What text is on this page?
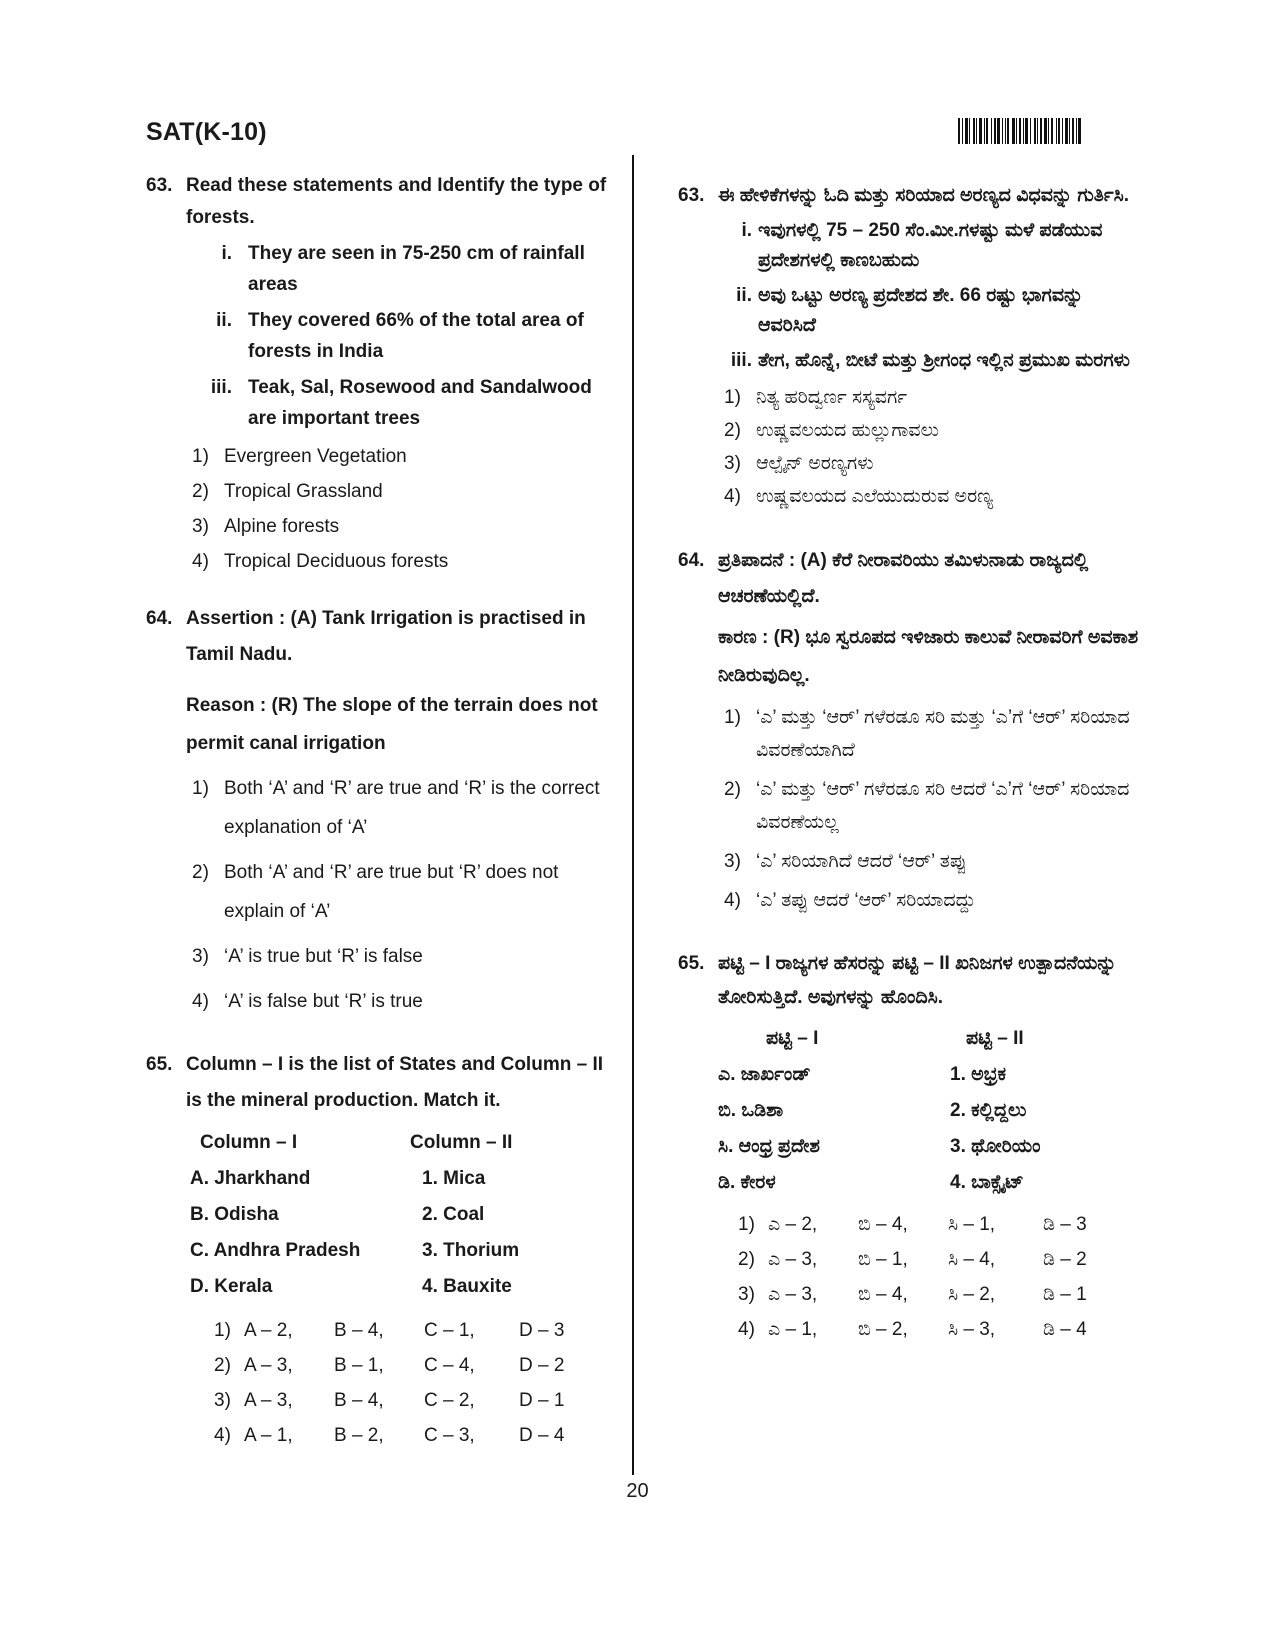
SAT(K-10)
63. Read these statements and Identify the type of forests.
i. They are seen in 75-250 cm of rainfall areas
ii. They covered 66% of the total area of forests in India
iii. Teak, Sal, Rosewood and Sandalwood are important trees
1) Evergreen Vegetation
2) Tropical Grassland
3) Alpine forests
4) Tropical Deciduous forests
64. Assertion : (A) Tank Irrigation is practised in Tamil Nadu.
Reason : (R) The slope of the terrain does not permit canal irrigation
1) Both ‘A’ and ‘R’ are true and ‘R’ is the correct explanation of ‘A’
2) Both ‘A’ and ‘R’ are true but ‘R’ does not explain of ‘A’
3) ‘A’ is true but ‘R’ is false
4) ‘A’ is false but ‘R’ is true
65. Column – I is the list of States and Column – II is the mineral production. Match it.
Column – I	Column – II
A. Jharkhand	1. Mica
B. Odisha	2. Coal
C. Andhra Pradesh	3. Thorium
D. Kerala	4. Bauxite
1) A – 2,	B – 4,	C – 1,	D – 3
2) A – 3,	B – 1,	C – 4,	D – 2
3) A – 3,	B – 4,	C – 2,	D – 1
4) A – 1,	B – 2,	C – 3,	D – 4
63. ಈ ಹೇಳಿಕೆಗಳನ್ನು ಓದಿ ಮತ್ತು ಸರಿಯಾದ ಅರಣ್ಯದ ವಿಧವನ್ನು ಗುರ್ತಿಸಿ.
i. ಇವುಗಳಲ್ಲಿ 75 – 250 ಸೆಂ.ಮೀ.ಗಳಷ್ಟು ಮಳೆ ಪಡೆಯುವ ಪ್ರದೇಶಗಳಲ್ಲಿ ಕಾಣಬಹುದು
ii. ಅವು ಒಟ್ಟು ಅರಣ್ಯ ಪ್ರದೇಶದ ಶೇ. 66 ರಷ್ಟು ಭಾಗವನ್ನು ಆವರಿಸಿದೆ
iii. ತೇಗ, ಹೊನ್ನೆ, ಬೀಟೆ ಮತ್ತು ಶ್ರೀಗಂಧ ಇಲ್ಲಿನ ಪ್ರಮುಖ ಮರಗಳು
1) ನಿತ್ಯ ಹರಿದ್ವರ್ಣ ಸಸ್ಯವರ್ಗ
2) ಉಷ್ಣವಲಯದ ಹುಲ್ಲುಗಾವಲು
3) ಆಲ್ಪೈನ್ ಅರಣ್ಯಗಳು
4) ಉಷ್ಣವಲಯದ ಎಲೆಯುದುರುವ ಅರಣ್ಯ
64. ಪ್ರತಿಪಾದನೆ : (A) ಕೆರೆ ನೀರಾವರಿಯು ತಮಿಳುನಾಡು ರಾಜ್ಯದಲ್ಲಿ ಆಚರಣೆಯಲ್ಲಿದೆ.
ಕಾರಣ : (R) ಭೂ ಸ್ವರೂಪದ ಇಳಿಜಾರು ಕಾಲುವೆ ನೀರಾವರಿಗೆ ಅವಕಾಶ ನೀಡಿರುವುದಿಲ್ಲ.
1) ‘ಎ’ ಮತ್ತು ‘ಆರ್’ ಗಳೆರಡೂ ಸರಿ ಮತ್ತು ‘ಎ’ಗೆ ‘ಆರ್’ ಸರಿಯಾದ ವಿವರಣೆಯಾಗಿದೆ
2) ‘ಎ’ ಮತ್ತು ‘ಆರ್’ ಗಳೆರಡೂ ಸರಿ ಆದರೆ ‘ಎ’ಗೆ ‘ಆರ್’ ಸರಿಯಾದ ವಿವರಣೆಯಲ್ಲ
3) ‘ಎ’ ಸರಿಯಾಗಿದೆ ಆದರೆ ‘ಆರ್’ ತಪ್ಪು
4) ‘ಎ’ ತಪ್ಪು ಆದರೆ ‘ಆರ್’ ಸರಿಯಾದದ್ದು
65. ಪಟ್ಟಿ – I ರಾಜ್ಯಗಳ ಹೆಸರನ್ನು ಪಟ್ಟಿ – II ಖನಿಜಗಳ ಉತ್ಪಾದನೆಯನ್ನು ತೋರಿಸುತ್ತಿದೆ. ಅವುಗಳನ್ನು ಹೊಂದಿಸಿ.
ಪಟ್ಟಿ – I	ಪಟ್ಟಿ – II
ಎ. ಜಾರ್ಖಂಡ್	1. ಅಭ್ರಕ
ಬಿ. ಒಡಿಶಾ	2. ಕಲ್ಲಿದ್ದಲು
ಸಿ. ಆಂಧ್ರ ಪ್ರದೇಶ	3. ಥೋರಿಯಂ
ಡಿ. ಕೇರಳ	4. ಬಾಕ್ಸೈಟ್
1) ಎ – 2,	ಬಿ – 4,	ಸಿ – 1,	ಡಿ – 3
2) ಎ – 3,	ಬಿ – 1,	ಸಿ – 4,	ಡಿ – 2
3) ಎ – 3,	ಬಿ – 4,	ಸಿ – 2,	ಡಿ – 1
4) ಎ – 1,	ಬಿ – 2,	ಸಿ – 3,	ಡಿ – 4
20
